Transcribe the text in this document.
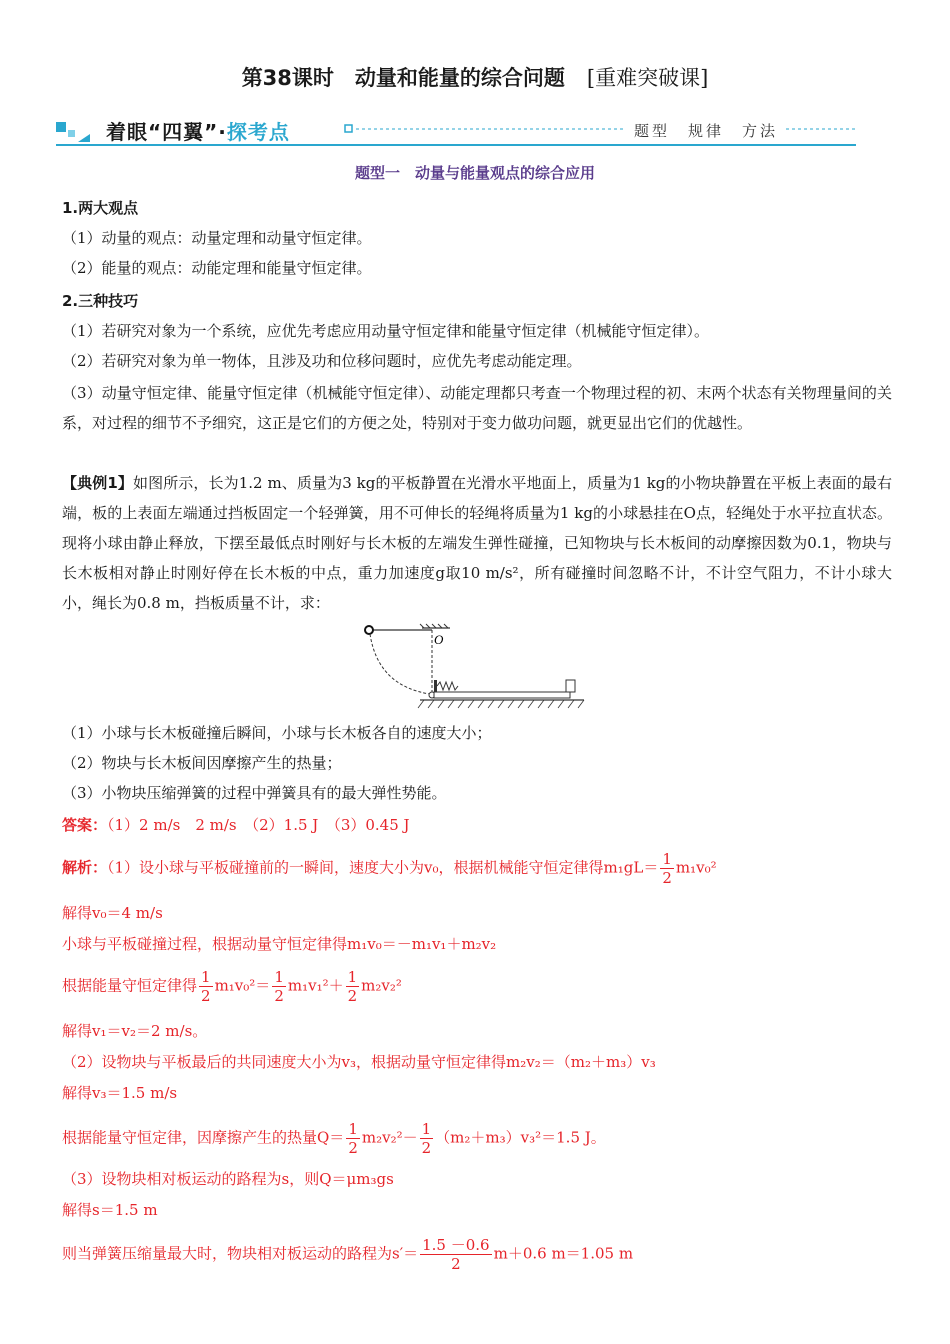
第38课时　动量和能量的综合问题 [重难突破课]
着眼“四翼”·探考点	题型　规律　方法
题型一　动量与能量观点的综合应用
1.两大观点
（1）动量的观点：动量定理和动量守恒定律。
（2）能量的观点：动能定理和能量守恒定律。
2.三种技巧
（1）若研究对象为一个系统，应优先考虑应用动量守恒定律和能量守恒定律（机械能守恒定律）。
（2）若研究对象为单一物体，且涉及功和位移问题时，应优先考虑动能定理。
（3）动量守恒定律、能量守恒定律（机械能守恒定律）、动能定理都只考查一个物理过程的初、末两个状态有关物理量间的关系，对过程的细节不予细究，这正是它们的方便之处，特别对于变力做功问题，就更显出它们的优越性。
【典例1】如图所示，长为1.2 m、质量为3 kg的平板静置在光滑水平地面上，质量为1 kg的小物块静置在平板上表面的最右端，板的上表面左端通过挡板固定一个轻弹簧，用不可伸长的轻绳将质量为1 kg的小球悬挂在O点，轻绳处于水平拉直状态。现将小球由静止释放，下摆至最低点时刚好与长木板的左端发生弹性碰撞，已知物块与长木板间的动摩擦因数为0.1，物块与长木板相对静止时刚好停在长木板的中点，重力加速度g取10 m/s²，所有碰撞时间忽略不计，不计空气阻力，不计小球大小，绳长为0.8 m，挡板质量不计，求：
O
（1）小球与长木板碰撞后瞬间，小球与长木板各自的速度大小；
（2）物块与长木板间因摩擦产生的热量；
（3）小物块压缩弹簧的过程中弹簧具有的最大弹性势能。
答案：（1）2 m/s　2 m/s　（2）1.5 J　（3）0.45 J
解析：（1）设小球与平板碰撞前的一瞬间，速度大小为v₀，根据机械能守恒定律得$m_1gL= \frac{1}{2} m_1v_0^2$
解得v₀＝4 m/s
小球与平板碰撞过程，根据动量守恒定律得m₁v₀＝－m₁v₁＋m₂v₂
根据能量守恒定律得 $\frac{1}{2} m_1v_0^2= \frac{1}{2} m_1v_1^2+ \frac{1}{2} m_2v_2^2$
解得v₁＝v₂＝2 m/s。
（2）设物块与平板最后的共同速度大小为v₃，根据动量守恒定律得m₂v₂＝（m₂＋m₃）v₃
解得v₃＝1.5 m/s
根据能量守恒定律，因摩擦产生的热量$Q= \frac{1}{2} m_2v_2^2- \frac{1}{2} (m_2+m_3)v_3^2=1.5$ J。
（3）设物块相对板运动的路程为s，则Q＝μm₃gs
解得s＝1.5 m
则当弹簧压缩量最大时，物块相对板运动的路程为$s'= \frac{1.5 -0.6}{2} m+0.6$ m＝1.05 m
